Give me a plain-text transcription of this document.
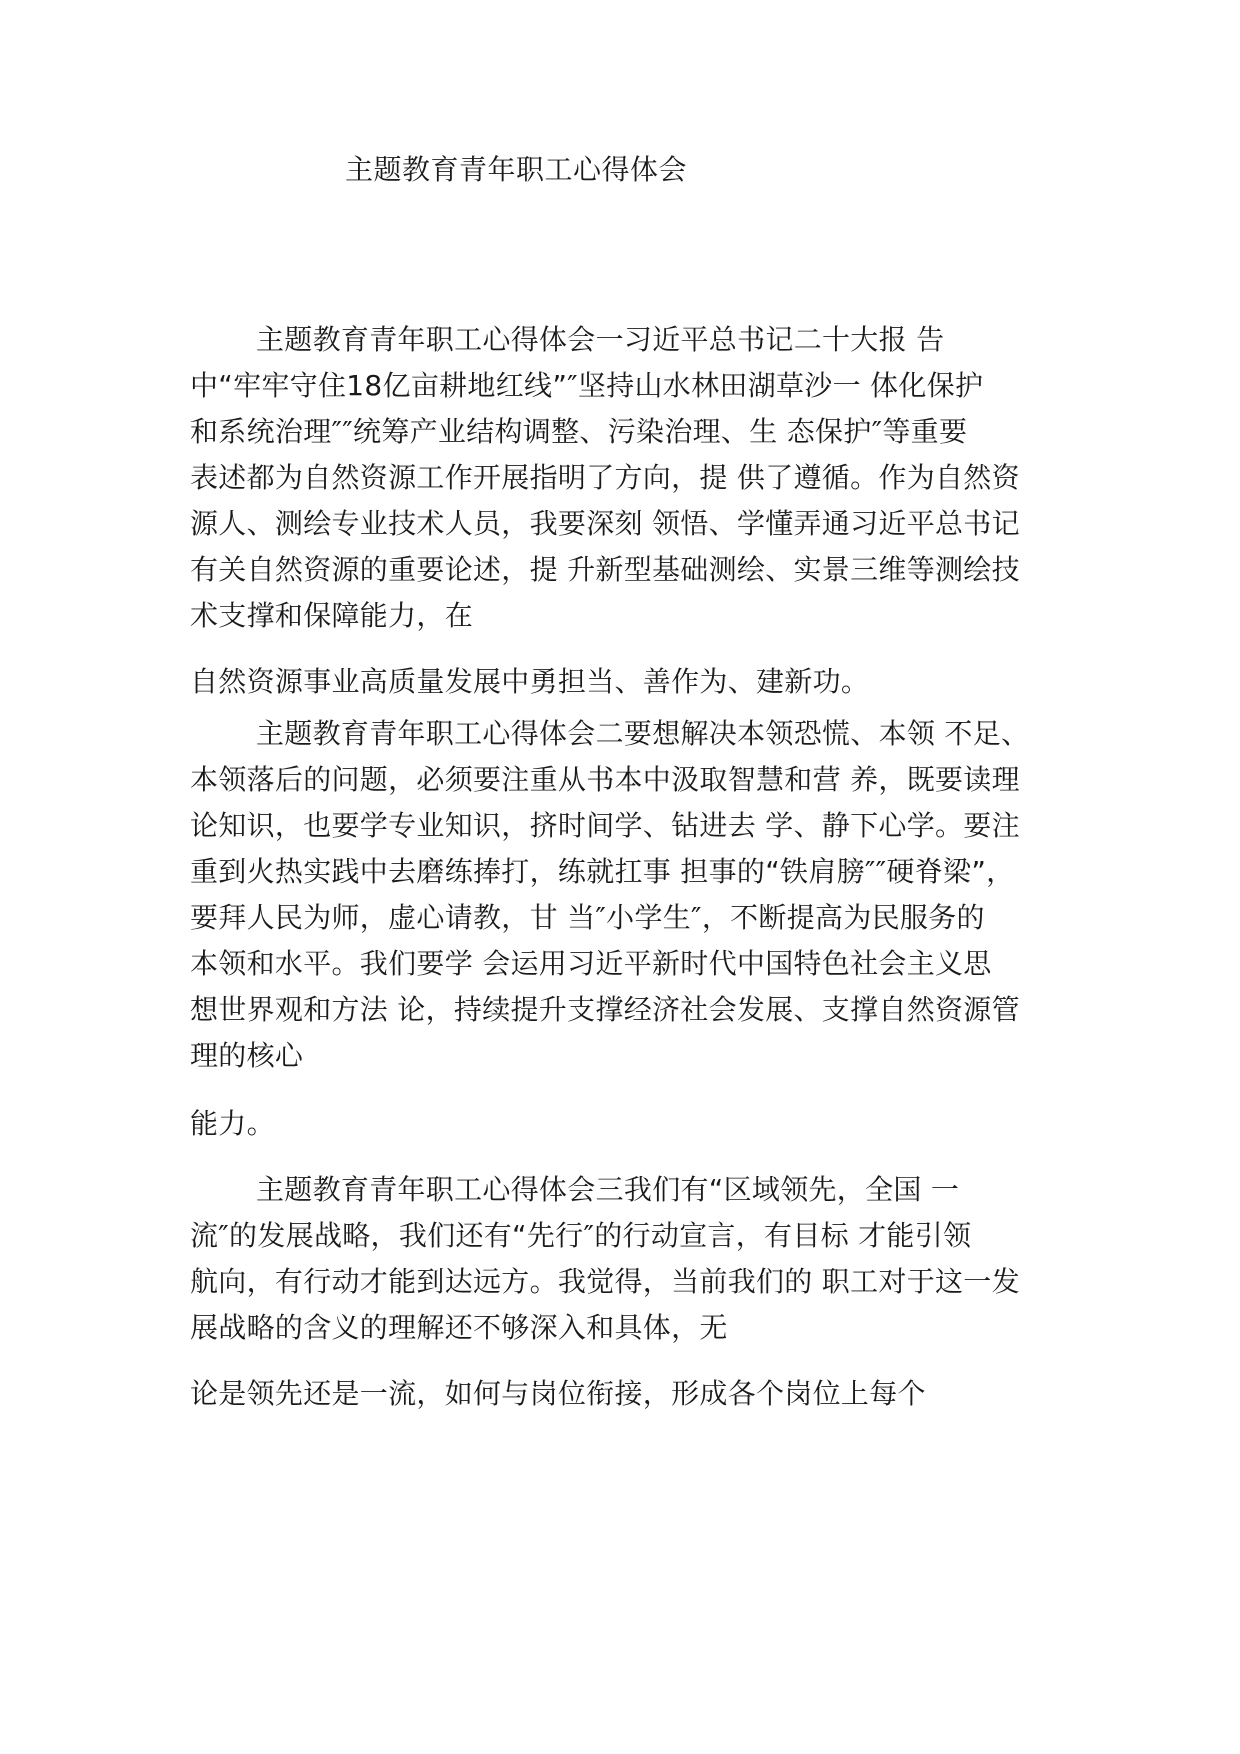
主题教育青年职工心得体会
主题教育青年职工心得体会一习近平总书记二十大报 告
中“牢牢守住18亿亩耕地红线”″坚持山水林田湖草沙一 体化保护
和系统治理″″统筹产业结构调整、污染治理、生 态保护″等重要
表述都为自然资源工作开展指明了方向，提 供了遵循。作为自然资
源人、测绘专业技术人员，我要深刻 领悟、学懂弄通习近平总书记
有关自然资源的重要论述，提 升新型基础测绘、实景三维等测绘技
术支撑和保障能力，在
自然资源事业高质量发展中勇担当、善作为、建新功。
主题教育青年职工心得体会二要想解决本领恐慌、本领 不足、
本领落后的问题，必须要注重从书本中汲取智慧和营 养，既要读理
论知识，也要学专业知识，挤时间学、钻进去 学、静下心学。要注
重到火热实践中去磨练捧打，练就扛事 担事的“铁肩膀″″硬脊梁”，
要拜人民为师，虚心请教，甘 当″小学生″，不断提高为民服务的
本领和水平。我们要学 会运用习近平新时代中国特色社会主义思
想世界观和方法 论，持续提升支撑经济社会发展、支撑自然资源管
理的核心
能力。
主题教育青年职工心得体会三我们有“区域领先，全国 一
流″的发展战略，我们还有“先行″的行动宣言，有目标 才能引领
航向，有行动才能到达远方。我觉得，当前我们的 职工对于这一发
展战略的含义的理解还不够深入和具体，无
论是领先还是一流，如何与岗位衔接，形成各个岗位上每个
